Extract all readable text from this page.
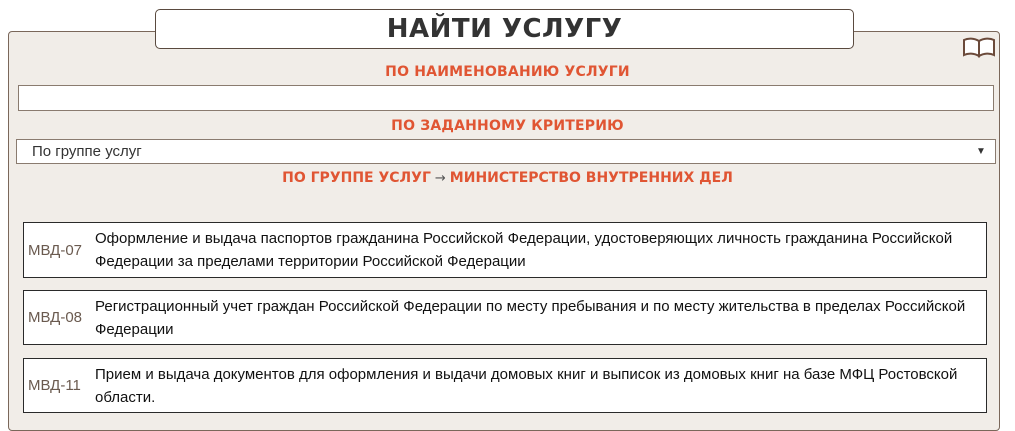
НАЙТИ УСЛУГУ
ПО НАИМЕНОВАНИЮ УСЛУГИ
ПО ЗАДАННОМУ КРИТЕРИЮ
По группе услуг	▼
ПО ГРУППЕ УСЛУГ → МИНИСТЕРСТВО ВНУТРЕННИХ ДЕЛ
МВД-07
Оформление и выдача паспортов гражданина Российской Федерации, удостоверяющих личность гражданина Российской Федерации за пределами территории Российской Федерации
МВД-08
Регистрационный учет граждан Российской Федерации по месту пребывания и по месту жительства в пределах Российской Федерации
МВД-11
Прием и выдача документов для оформления и выдачи домовых книг и выписок из домовых книг на базе МФЦ Ростовской области.
